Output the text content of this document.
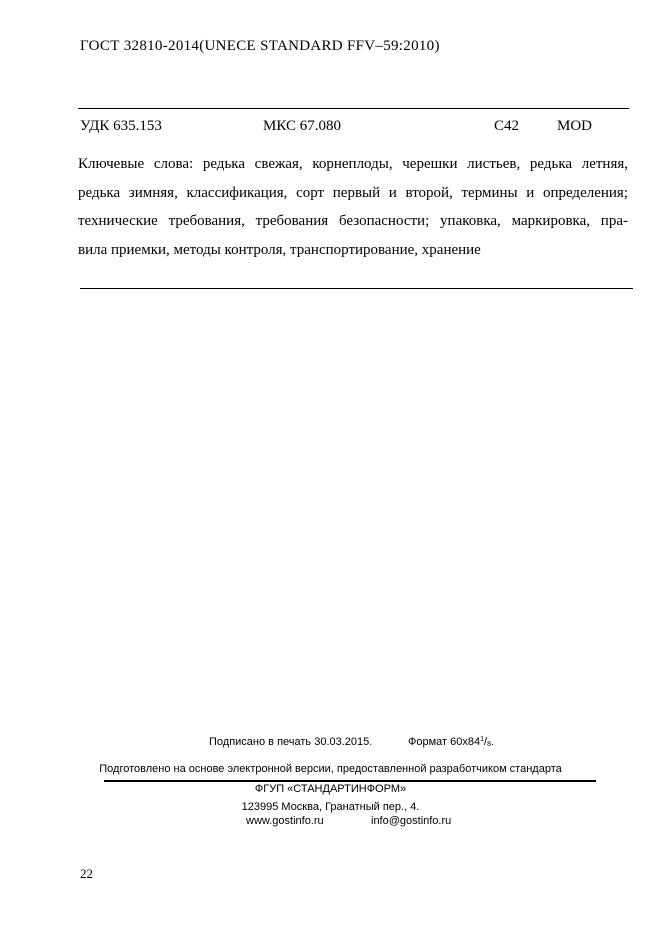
ГОСТ 32810-2014(UNECE STANDARD FFV–59:2010)
УДК 635.153	МКС 67.080	С42	MOD
Ключевые слова: редька свежая, корнеплоды, черешки листьев, редька летняя,
редька зимняя, классификация, сорт первый и второй, термины и определения;
технические требования, требования безопасности; упаковка, маркировка, пра-
вила приемки, методы контроля, транспортирование, хранение
Подписано в печать 30.03.2015.	Формат $60х84^1/_8$.
Подготовлено на основе электронной версии, предоставленной разработчиком стандарта
ФГУП «СТАНДАРТИНФОРМ»
123995 Москва, Гранатный пер., 4.
www.gostinfo.ru	info@gostinfo.ru
22
